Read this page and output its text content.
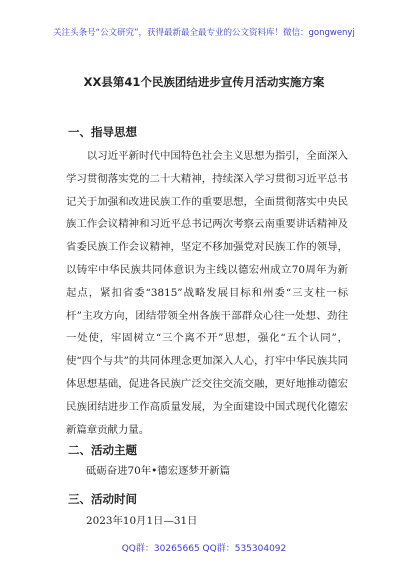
关注头条号“公文研究”，获得最新最全最专业的公文资料库！微信：gongwenyj
XX县第41个民族团结进步宣传月活动实施方案
一、指导思想

以习近平新时代中国特色社会主义思想为指引，全面深入学习贯彻落实党的二十大精神，持续深入学习贯彻习近平总书记关于加强和改进民族工作的重要思想，全面贯彻落实中央民族工作会议精神和习近平总书记两次考察云南重要讲话精神及省委民族工作会议精神，坚定不移加强党对民族工作的领导，以铸牢中华民族共同体意识为主线以德宏州成立70周年为新起点，紧扣省委“3815”战略发展目标和州委“三支柱一标杆”主攻方向，团结带领全州各族干部群众心往一处想、劲往一处使，牢固树立“三个离不开”思想，强化“五个认同”，使“四个与共”的共同体理念更加深入人心，打牢中华民族共同体思想基础，促进各民族广泛交往交流交融，更好地推动德宏民族团结进步工作高质量发展，为全面建设中国式现代化德宏新篇章贡献力量。

二、活动主题
砥砺奋进70年•德宏逐梦开新篇
三、活动时间
2023年10月1日—31日
QQ群：30265665 QQ群：535304092
